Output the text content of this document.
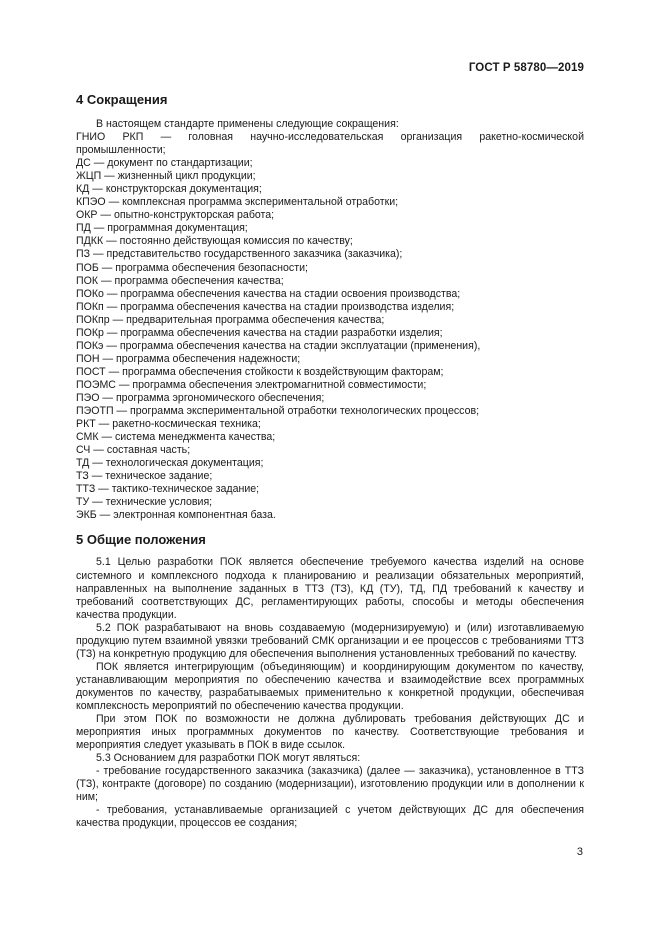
ГОСТ Р 58780—2019
4 Сокращения
В настоящем стандарте применены следующие сокращения:
ГНИО РКП — головная научно-исследовательская организация ракетно-космической
промышленности;
ДС — документ по стандартизации;
ЖЦП — жизненный цикл продукции;
КД — конструкторская документация;
КПЭО — комплексная программа экспериментальной отработки;
ОКР — опытно-конструкторская работа;
ПД — программная документация;
ПДКК — постоянно действующая комиссия по качеству;
ПЗ — представительство государственного заказчика (заказчика);
ПОБ — программа обеспечения безопасности;
ПОК — программа обеспечения качества;
ПОКо — программа обеспечения качества на стадии освоения производства;
ПОКп — программа обеспечения качества на стадии производства изделия;
ПОКпр — предварительная программа обеспечения качества;
ПОКр — программа обеспечения качества на стадии разработки изделия;
ПОКэ — программа обеспечения качества на стадии эксплуатации (применения),
ПОН — программа обеспечения надежности;
ПОСТ — программа обеспечения стойкости к воздействующим факторам;
ПОЭМС — программа обеспечения электромагнитной совместимости;
ПЭО — программа эргономического обеспечения;
ПЭОТП — программа экспериментальной отработки технологических процессов;
РКТ — ракетно-космическая техника;
СМК — система менеджмента качества;
СЧ — составная часть;
ТД — технологическая документация;
ТЗ — техническое задание;
ТТЗ — тактико-техническое задание;
ТУ — технические условия;
ЭКБ — электронная компонентная база.
5 Общие положения
5.1 Целью разработки ПОК является обеспечение требуемого качества изделий на основе системного и комплексного подхода к планированию и реализации обязательных мероприятий, направленных на выполнение заданных в ТТЗ (ТЗ), КД (ТУ), ТД, ПД требований к качеству и требований соответствующих ДС, регламентирующих работы, способы и методы обеспечения качества продукции.
5.2 ПОК разрабатывают на вновь создаваемую (модернизируемую) и (или) изготавливаемую продукцию путем взаимной увязки требований СМК организации и ее процессов с требованиями ТТЗ (ТЗ) на конкретную продукцию для обеспечения выполнения установленных требований по качеству.
ПОК является интегрирующим (объединяющим) и координирующим документом по качеству, устанавливающим мероприятия по обеспечению качества и взаимодействие всех программных документов по качеству, разрабатываемых применительно к конкретной продукции, обеспечивая комплексность мероприятий по обеспечению качества продукции.
При этом ПОК по возможности не должна дублировать требования действующих ДС и мероприятия иных программных документов по качеству. Соответствующие требования и мероприятия следует указывать в ПОК в виде ссылок.
5.3 Основанием для разработки ПОК могут являться:
- требование государственного заказчика (заказчика) (далее — заказчика), установленное в ТТЗ (ТЗ), контракте (договоре) по созданию (модернизации), изготовлению продукции или в дополнении к ним;
- требования, устанавливаемые организацией с учетом действующих ДС для обеспечения качества продукции, процессов ее создания;
3
